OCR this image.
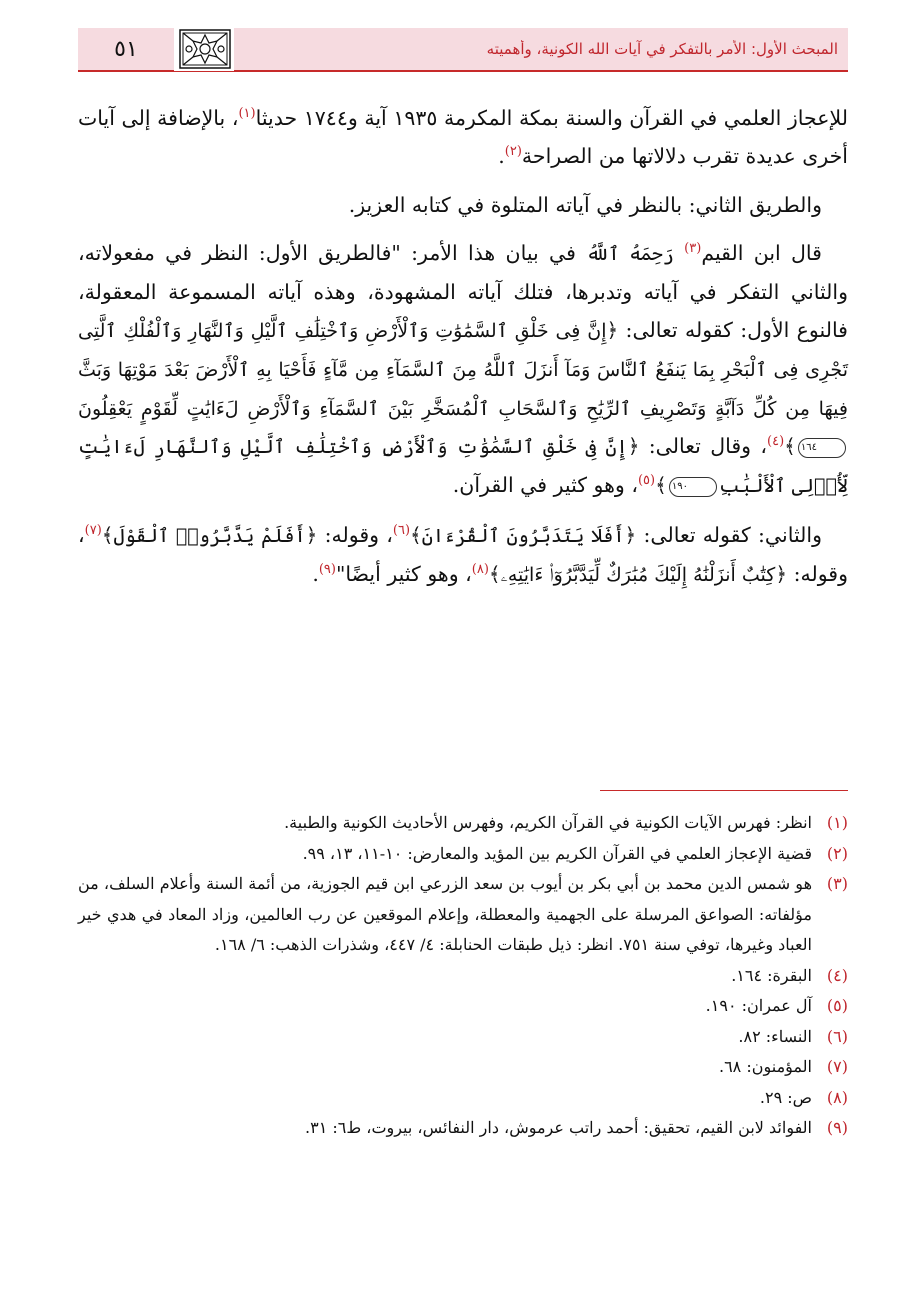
٥١	المبحث الأول: الأمر بالتفكر في آيات الله الكونية، وأهميته

للإعجاز العلمي في القرآن والسنة بمكة المكرمة ١٩٣٥ آية و١٧٤٤ حديثا$^{(١)}$، بالإضافة إلى آيات أخرى عديدة تقرب دلالاتها من الصراحة$^{(٢)}$.

والطريق الثاني: بالنظر في آياته المتلوة في كتابه العزيز.

قال ابن القيم$^{(٣)}$ رَحِمَهُ ٱللَّهُ في بيان هذا الأمر: "فالطريق الأول: النظر في مفعولاته، والثاني التفكر في آياته وتدبرها، فتلك آياته المشهودة، وهذه آياته المسموعة المعقولة، فالنوع الأول: كقوله تعالى: ﴿إِنَّ فِى خَلْقِ ٱلسَّمَٰوَٰتِ وَٱلْأَرْضِ وَٱخْتِلَٰفِ ٱلَّيْلِ وَٱلنَّهَارِ وَٱلْفُلْكِ ٱلَّتِى تَجْرِى فِى ٱلْبَحْرِ بِمَا يَنفَعُ ٱلنَّاسَ وَمَآ أَنزَلَ ٱللَّهُ مِنَ ٱلسَّمَآءِ مِن مَّآءٍ فَأَحْيَا بِهِ ٱلْأَرْضَ بَعْدَ مَوْتِهَا وَبَثَّ فِيهَا مِن كُلِّ دَآبَّةٍ وَتَصْرِيفِ ٱلرِّيَٰحِ وَٱلسَّحَابِ ٱلْمُسَخَّرِ بَيْنَ ٱلسَّمَآءِ وَٱلْأَرْضِ لَءَايَٰتٍ لِّقَوْمٍ يَعْقِلُونَ١٦٤﴾$^{(٤)}$، وقال تعالى: ﴿إِنَّ فِى خَلْقِ ٱلسَّمَٰوَٰتِ وَٱلْأَرْضِ وَٱخْتِلَٰفِ ٱلَّيْلِ وَٱلنَّهَارِ لَءَايَٰتٍ لِّأُو۟لِى ٱلْأَلْبَٰبِ١٩٠﴾$^{(٥)}$، وهو كثير في القرآن.

والثاني: كقوله تعالى: ﴿أَفَلَا يَتَدَبَّرُونَ ٱلْقُرْءَانَ﴾$^{(٦)}$، وقوله: ﴿أَفَلَمْ يَدَّبَّرُوا۟ ٱلْقَوْلَ﴾$^{(٧)}$، وقوله: ﴿كِتَٰبٌ أَنزَلْنَٰهُ إِلَيْكَ مُبَٰرَكٌ لِّيَدَّبَّرُوٓا۟ ءَايَٰتِهِۦ﴾$^{(٨)}$، وهو كثير أيضًا"$^{(٩)}$.

(١)
انظر: فهرس الآيات الكونية في القرآن الكريم، وفهرس الأحاديث الكونية والطبية.
(٢)
قضية الإعجاز العلمي في القرآن الكريم بين المؤيد والمعارض: ١٠-١١، ١٣، ٩٩.
(٣)
هو شمس الدين محمد بن أبي بكر بن أيوب بن سعد الزرعي ابن قيم الجوزية، من أئمة السنة وأعلام السلف، من مؤلفاته: الصواعق المرسلة على الجهمية والمعطلة، وإعلام الموقعين عن رب العالمين، وزاد المعاد في هدي خير العباد وغيرها، توفي سنة ٧٥١. انظر: ذيل طبقات الحنابلة: ٤/ ٤٤٧، وشذرات الذهب: ٦/ ١٦٨.
(٤)
البقرة: ١٦٤.
(٥)
آل عمران: ١٩٠.
(٦)
النساء: ٨٢.
(٧)
المؤمنون: ٦٨.
(٨)
ص: ٢٩.
(٩)
الفوائد لابن القيم، تحقيق: أحمد راتب عرموش، دار النفائس، بيروت، ط٦: ٣١.
